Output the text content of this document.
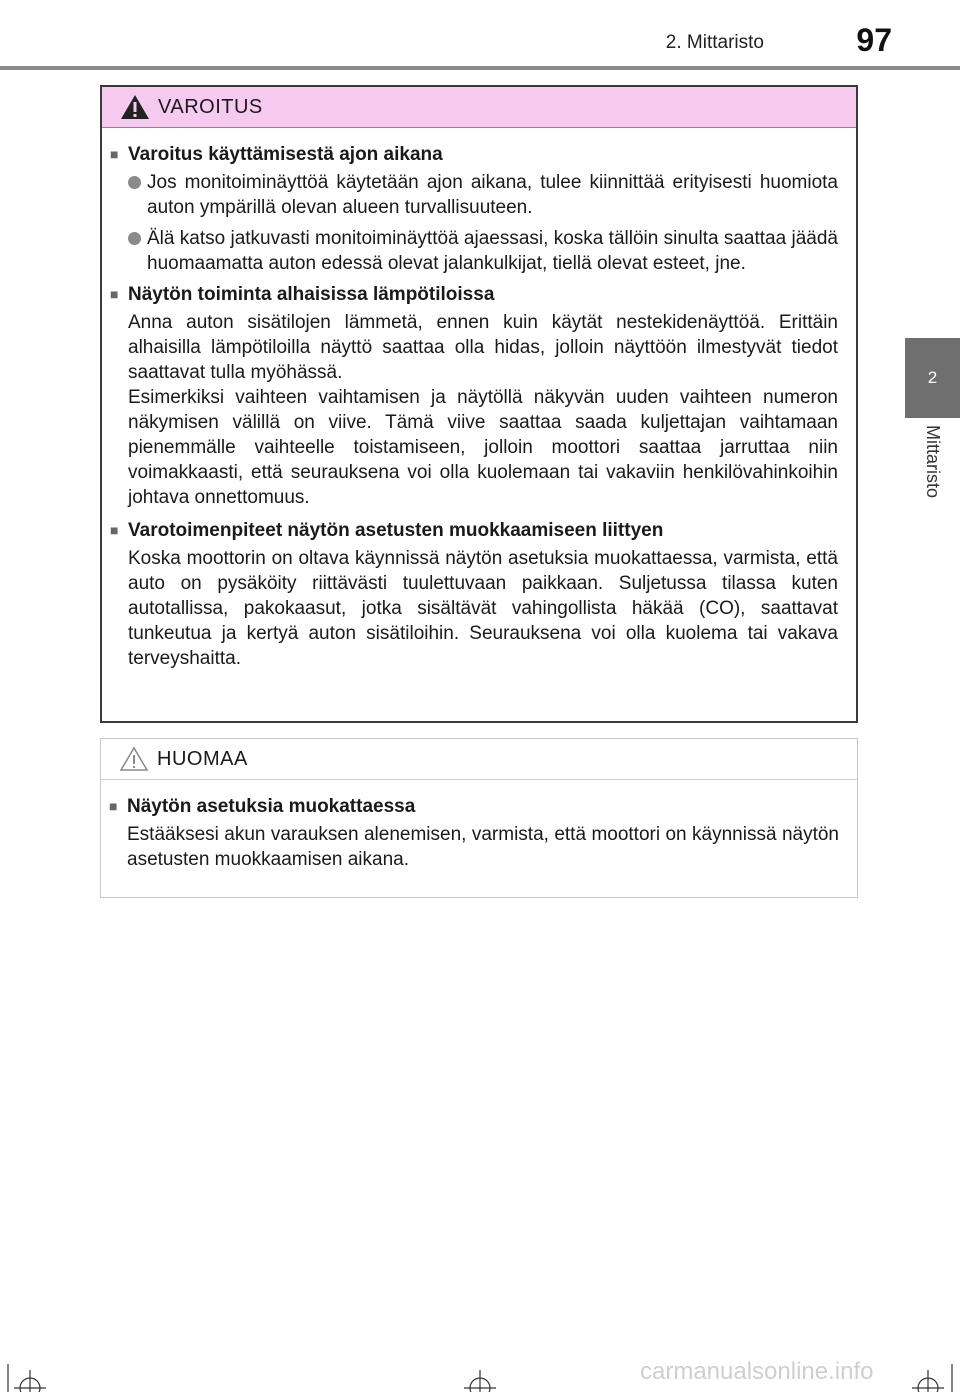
2. Mittaristo	97
2
Mittaristo
VAROITUS
■ Varoitus käyttämisestä ajon aikana
Jos monitoiminäyttöä käytetään ajon aikana, tulee kiinnittää erityisesti huomiota auton ympärillä olevan alueen turvallisuuteen.
Älä katso jatkuvasti monitoiminäyttöä ajaessasi, koska tällöin sinulta saattaa jäädä huomaamatta auton edessä olevat jalankulkijat, tiellä olevat esteet, jne.
■ Näytön toiminta alhaisissa lämpötiloissa
Anna auton sisätilojen lämmetä, ennen kuin käytät nestekidenäyttöä. Erittäin alhaisilla lämpötiloilla näyttö saattaa olla hidas, jolloin näyttöön ilmestyvät tiedot saattavat tulla myöhässä.
Esimerkiksi vaihteen vaihtamisen ja näytöllä näkyvän uuden vaihteen numeron näkymisen välillä on viive. Tämä viive saattaa saada kuljettajan vaihtamaan pienemmälle vaihteelle toistamiseen, jolloin moottori saattaa jarruttaa niin voimakkaasti, että seurauksena voi olla kuolemaan tai vakaviin henkilövahinkoihin johtava onnettomuus.
■ Varotoimenpiteet näytön asetusten muokkaamiseen liittyen
Koska moottorin on oltava käynnissä näytön asetuksia muokattaessa, varmista, että auto on pysäköity riittävästi tuulettuvaan paikkaan. Suljetussa tilassa kuten autotallissa, pakokaasut, jotka sisältävät vahingollista häkää (CO), saattavat tunkeutua ja kertyä auton sisätiloihin. Seurauksena voi olla kuolema tai vakava terveyshaitta.
HUOMAA
■ Näytön asetuksia muokattaessa
Estääksesi akun varauksen alenemisen, varmista, että moottori on käynnissä näytön asetusten muokkaamisen aikana.
carmanualsonline.info
